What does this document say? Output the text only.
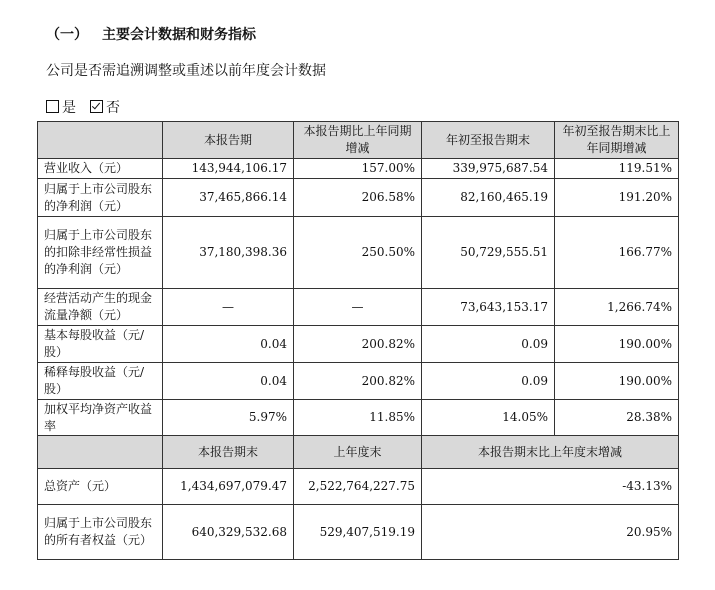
（一） 主要会计数据和财务指标
公司是否需追溯调整或重述以前年度会计数据
是 否
	本报告期	本报告期比上年同期增减	年初至报告期末	年初至报告期末比上年同期增减
营业收入（元）	143,944,106.17	157.00%	339,975,687.54	119.51%
归属于上市公司股东的净利润（元）	37,465,866.14	206.58%	82,160,465.19	191.20%
归属于上市公司股东的扣除非经常性损益的净利润（元）	37,180,398.36	250.50%	50,729,555.51	166.77%
经营活动产生的现金流量净额（元）	—	—	73,643,153.17	1,266.74%
基本每股收益（元/股）	0.04	200.82%	0.09	190.00%
稀释每股收益（元/股）	0.04	200.82%	0.09	190.00%
加权平均净资产收益率	5.97%	11.85%	14.05%	28.38%
	本报告期末	上年度末	本报告期末比上年度末增减	
总资产（元）	1,434,697,079.47	2,522,764,227.75	-43.13%	
归属于上市公司股东的所有者权益（元）	640,329,532.68	529,407,519.19	20.95%	
